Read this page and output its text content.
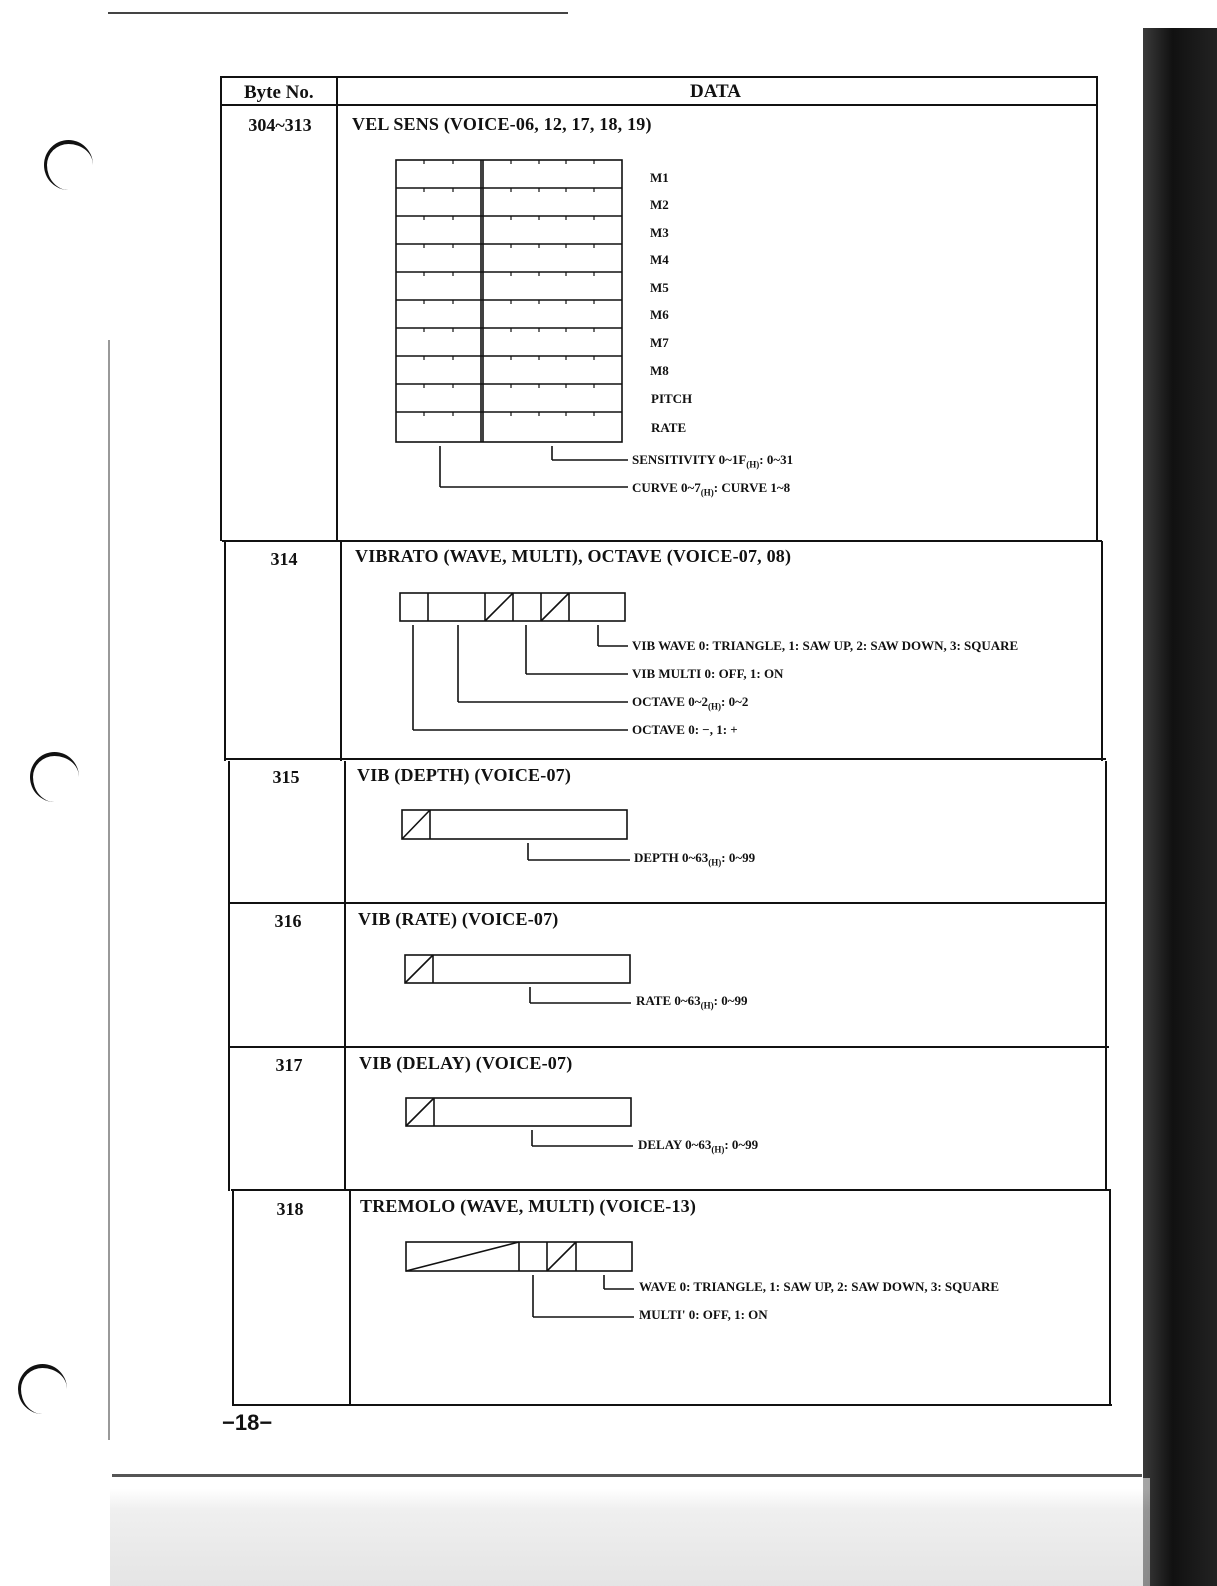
Byte No.	DATA
304~313	VEL SENS (VOICE-06, 12, 17, 18, 19)
M1
M2
M3
M4
M5
M6
M7
M8
PITCH
RATE
SENSITIVITY $0\sim 1F_{(H)}$: 0~31
CURVE $0\sim 7_{(H)}$: CURVE 1~8
314	VIBRATO (WAVE, MULTI), OCTAVE (VOICE-07, 08)
VIB WAVE 0: TRIANGLE, 1: SAW UP, 2: SAW DOWN, 3: SQUARE
VIB MULTI 0: OFF, 1: ON
OCTAVE $0\sim 2_{(H)}$: 0~2
OCTAVE 0: −, 1: +
315	VIB (DEPTH) (VOICE-07)
DEPTH $0\sim 63_{(H)}$: 0~99
316	VIB (RATE) (VOICE-07)
RATE $0\sim 63_{(H)}$: 0~99
317	VIB (DELAY) (VOICE-07)
DELAY $0\sim 63_{(H)}$: 0~99
318	TREMOLO (WAVE, MULTI) (VOICE-13)
WAVE 0: TRIANGLE, 1: SAW UP, 2: SAW DOWN, 3: SQUARE
MULTI' 0: OFF, 1: ON
−18−
